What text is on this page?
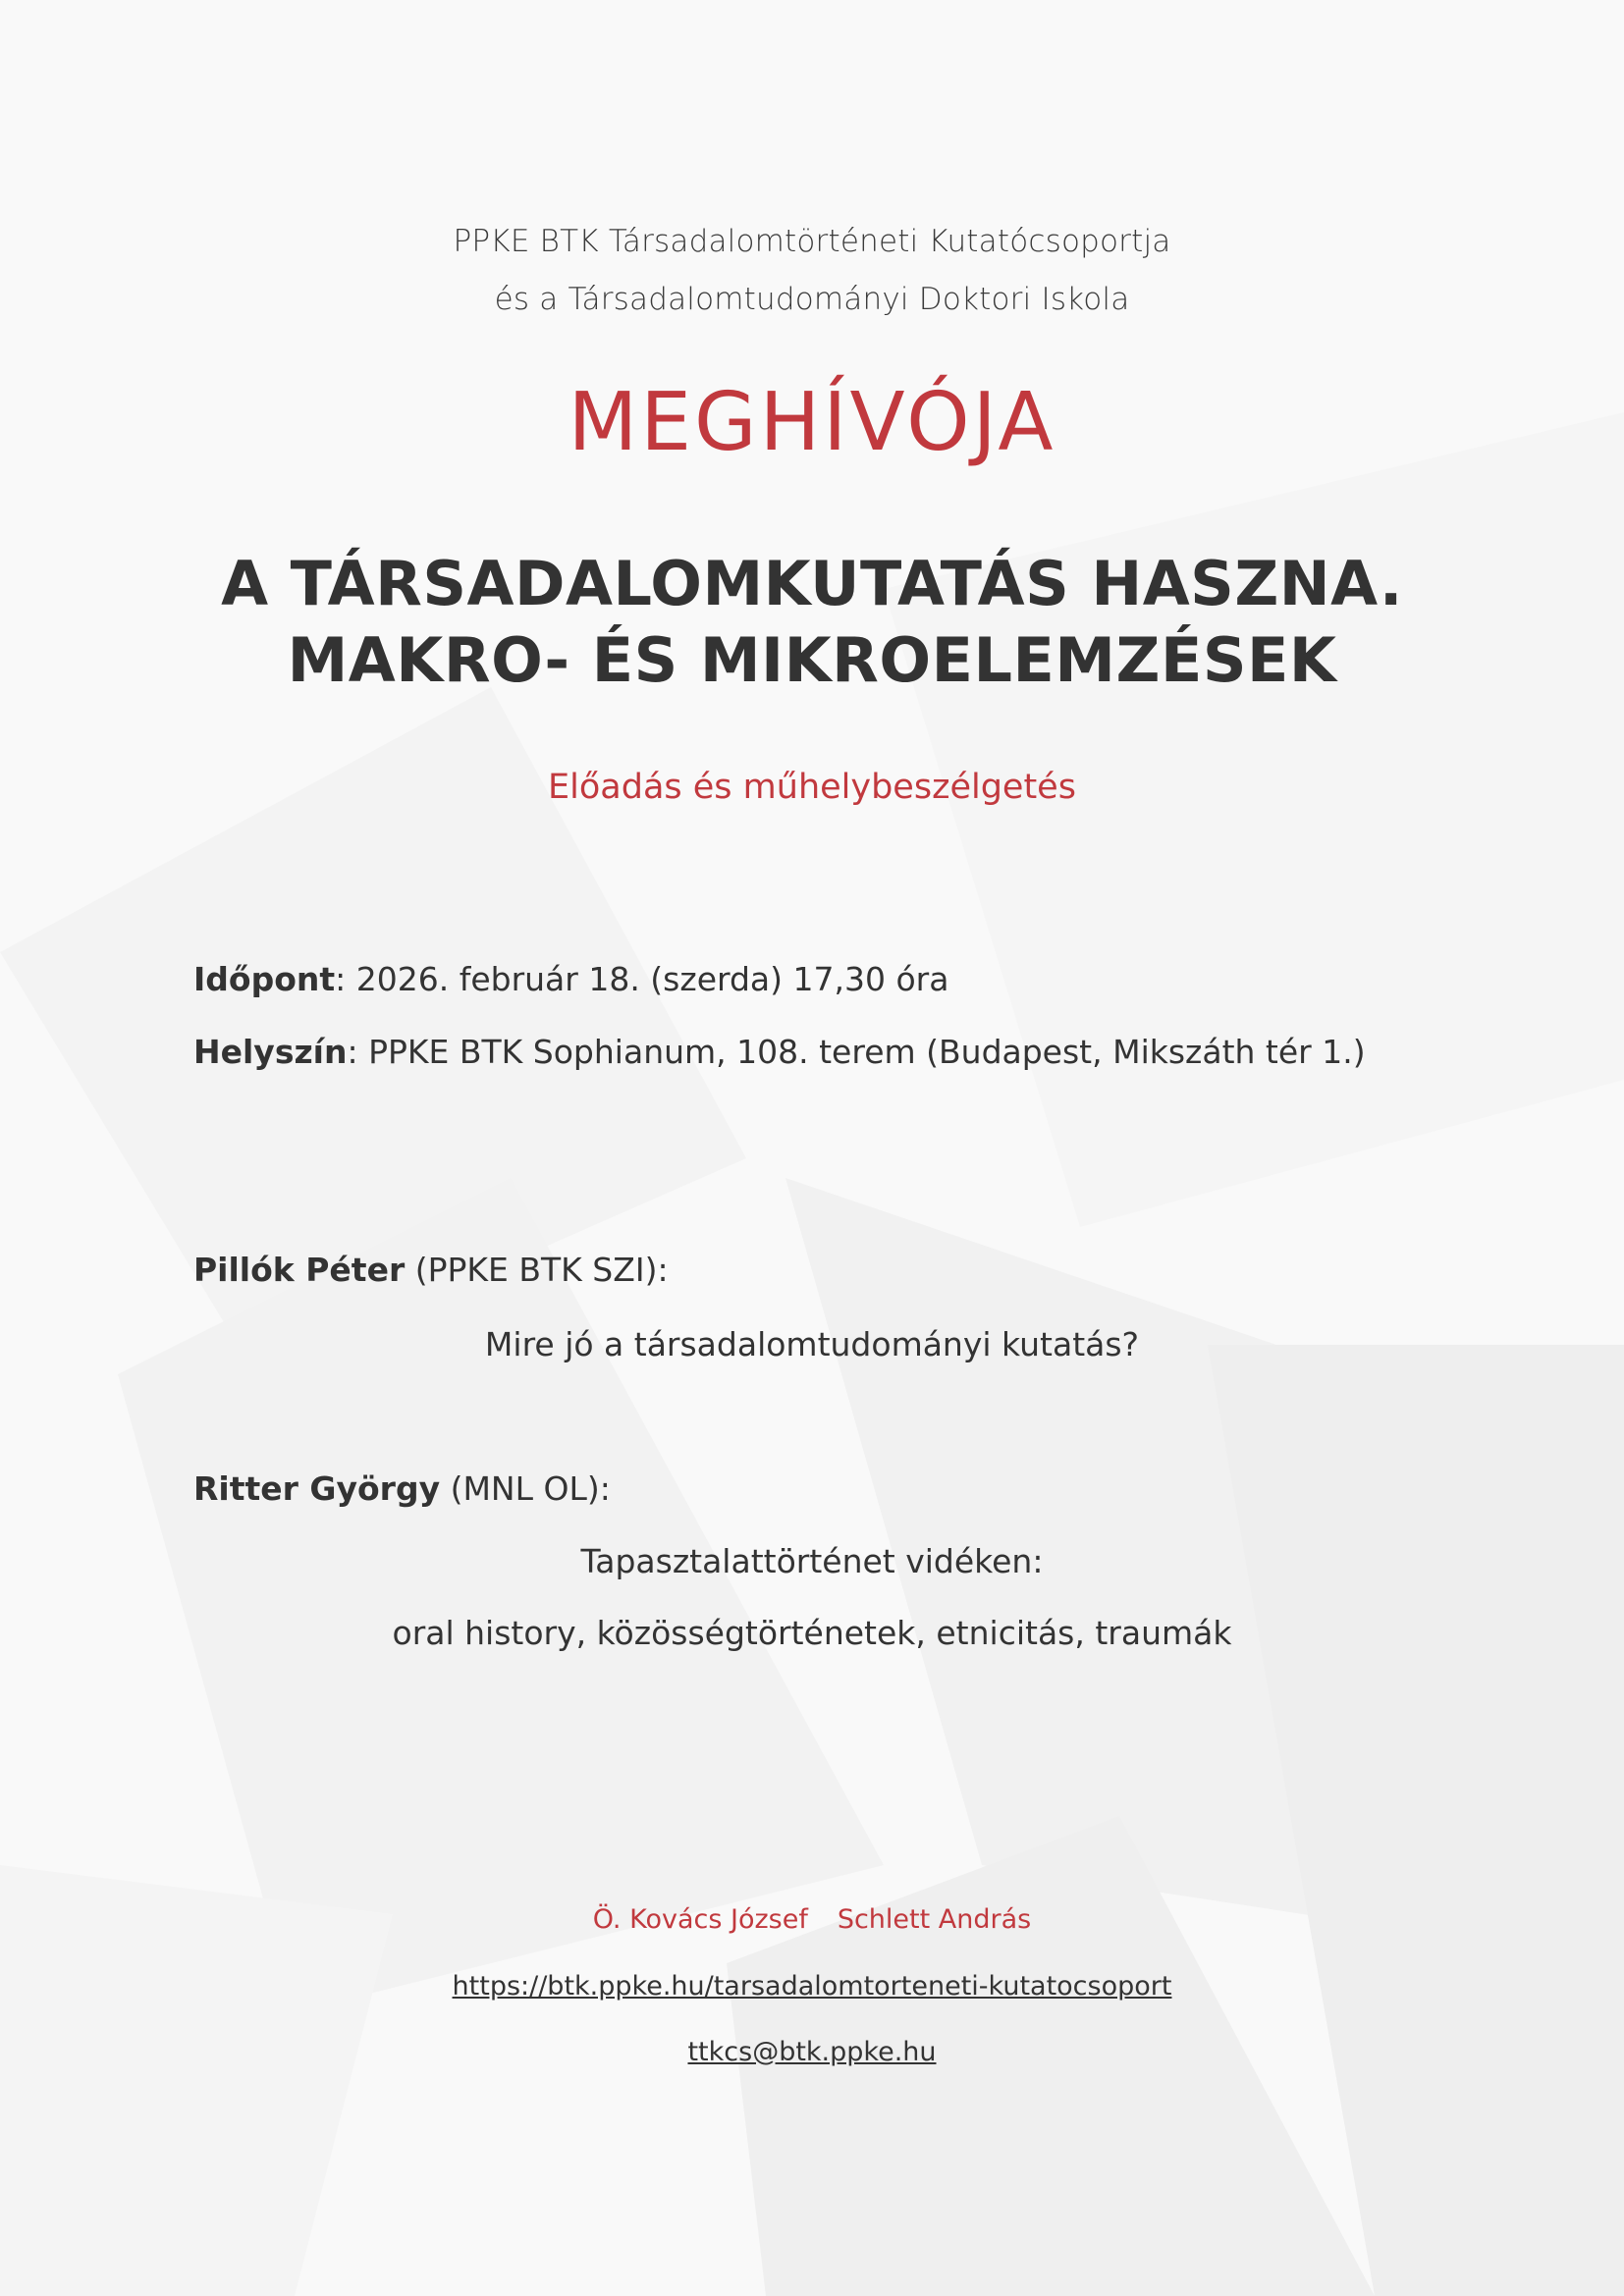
PPKE BTK Társadalomtörténeti Kutatócsoportja
és a Társadalomtudományi Doktori Iskola
MEGHÍVÓJA
A TÁRSADALOMKUTATÁS HASZNA.
MAKRO- ÉS MIKROELEMZÉSEK
Előadás és műhelybeszélgetés
Időpont: 2026. február 18. (szerda) 17,30 óra
Helyszín: PPKE BTK Sophianum, 108. terem (Budapest, Mikszáth tér 1.)
Pillók Péter (PPKE BTK SZI):
Mire jó a társadalomtudományi kutatás?
Ritter György (MNL OL):
Tapasztalattörténet vidéken:
oral history, közösségtörténetek, etnicitás, traumák
Ö. Kovács József Schlett András
https://btk.ppke.hu/tarsadalomtorteneti-kutatocsoport
ttkcs@btk.ppke.hu
